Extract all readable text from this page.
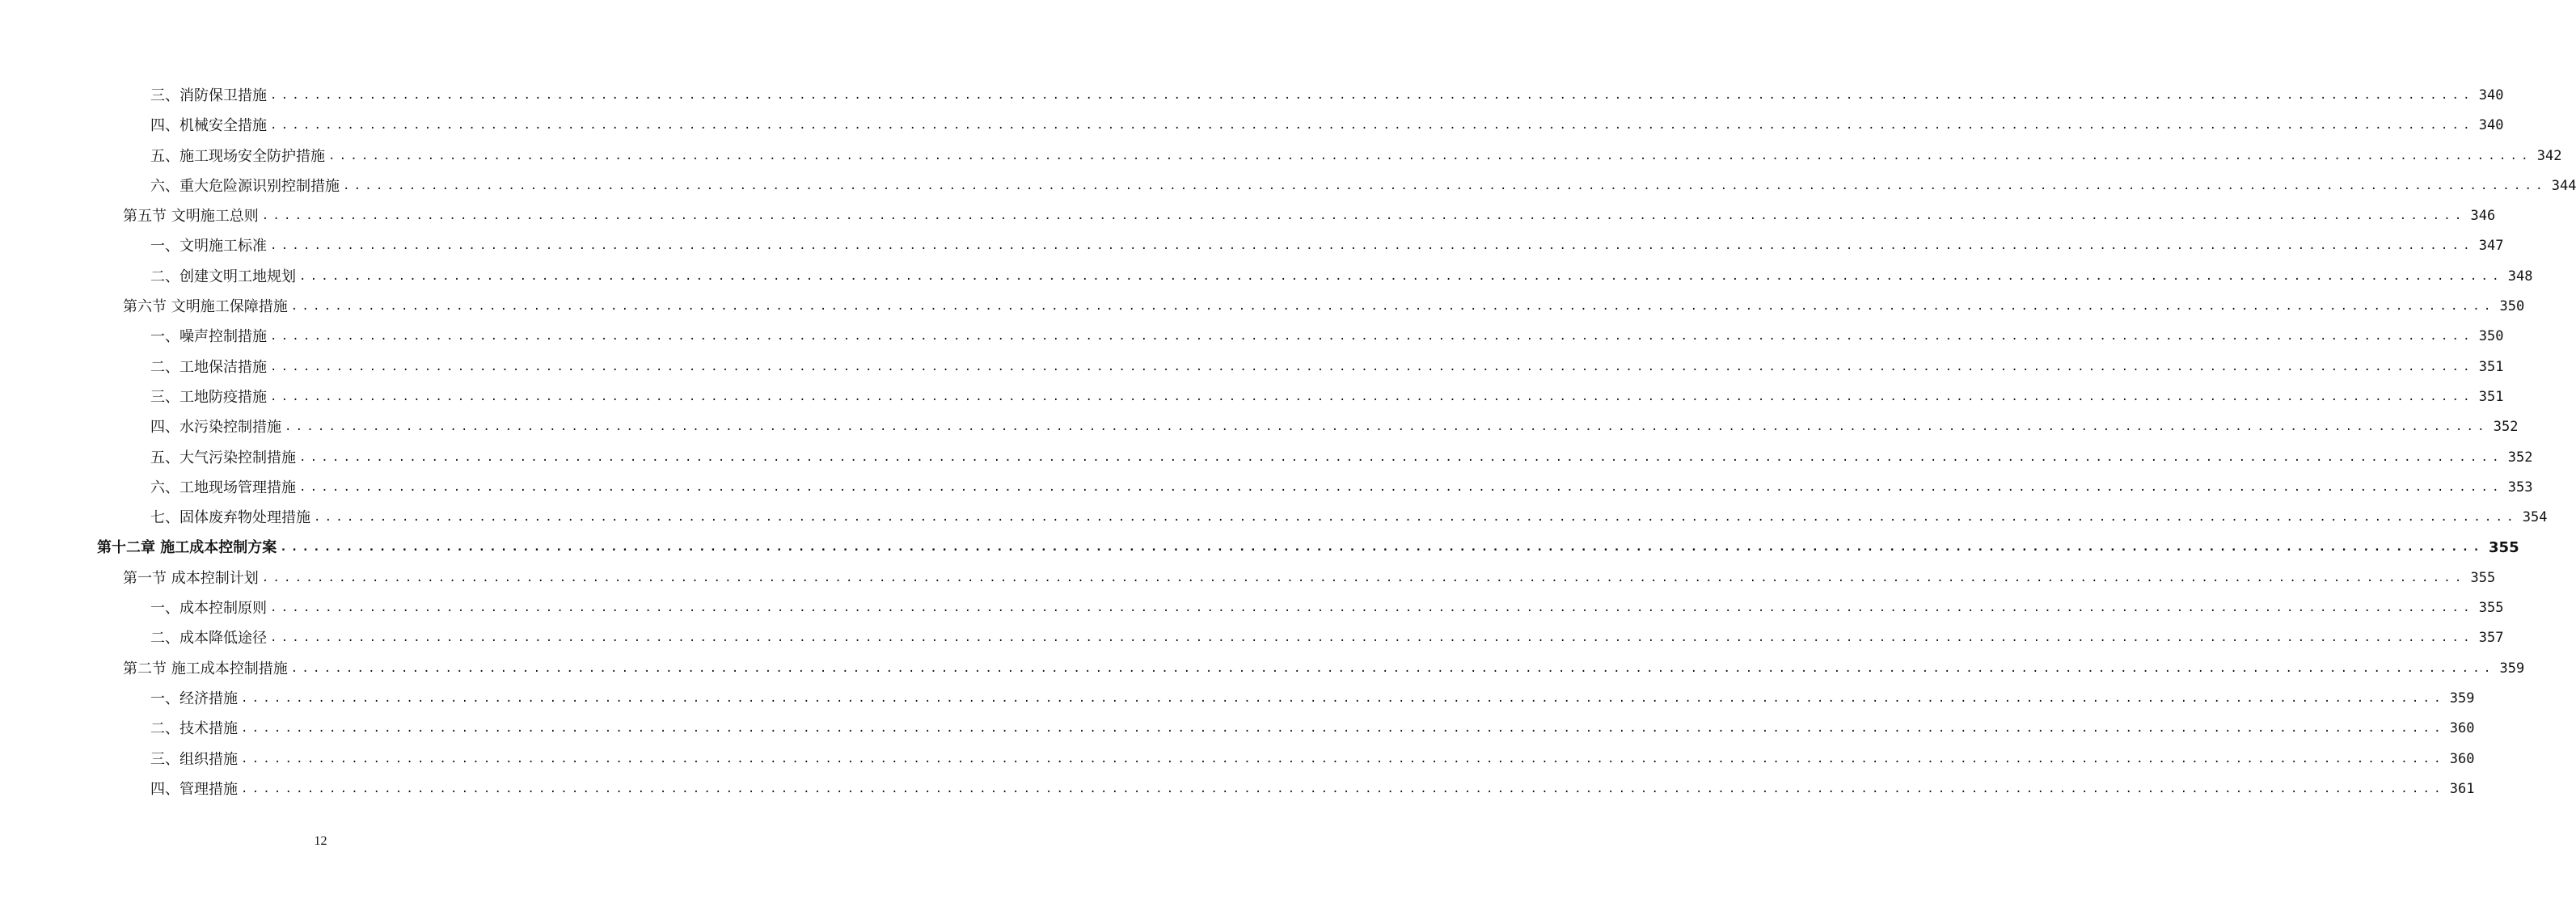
三、消防保卫措施 ........................................................................................................................................................................................................ 340
四、机械安全措施 ........................................................................................................................................................................................................ 340
五、施工现场安全防护措施 ........................................................................................................................................................................................................ 342
六、重大危险源识别控制措施 ........................................................................................................................................................................................................ 344
第五节 文明施工总则 ........................................................................................................................................................................................................ 346
一、文明施工标准 ........................................................................................................................................................................................................ 347
二、创建文明工地规划 ........................................................................................................................................................................................................ 348
第六节 文明施工保障措施 ........................................................................................................................................................................................................ 350
一、噪声控制措施 ........................................................................................................................................................................................................ 350
二、工地保洁措施 ........................................................................................................................................................................................................ 351
三、工地防疫措施 ........................................................................................................................................................................................................ 351
四、水污染控制措施 ........................................................................................................................................................................................................ 352
五、大气污染控制措施 ........................................................................................................................................................................................................ 352
六、工地现场管理措施 ........................................................................................................................................................................................................ 353
七、固体废弃物处理措施 ........................................................................................................................................................................................................ 354
第十二章 施工成本控制方案 ........................................................................................................................................................................................................ 355
第一节 成本控制计划 ........................................................................................................................................................................................................ 355
一、成本控制原则 ........................................................................................................................................................................................................ 355
二、成本降低途径 ........................................................................................................................................................................................................ 357
第二节 施工成本控制措施 ........................................................................................................................................................................................................ 359
一、经济措施 ........................................................................................................................................................................................................ 359
二、技术措施 ........................................................................................................................................................................................................ 360
三、组织措施 ........................................................................................................................................................................................................ 360
四、管理措施 ........................................................................................................................................................................................................ 361
12
